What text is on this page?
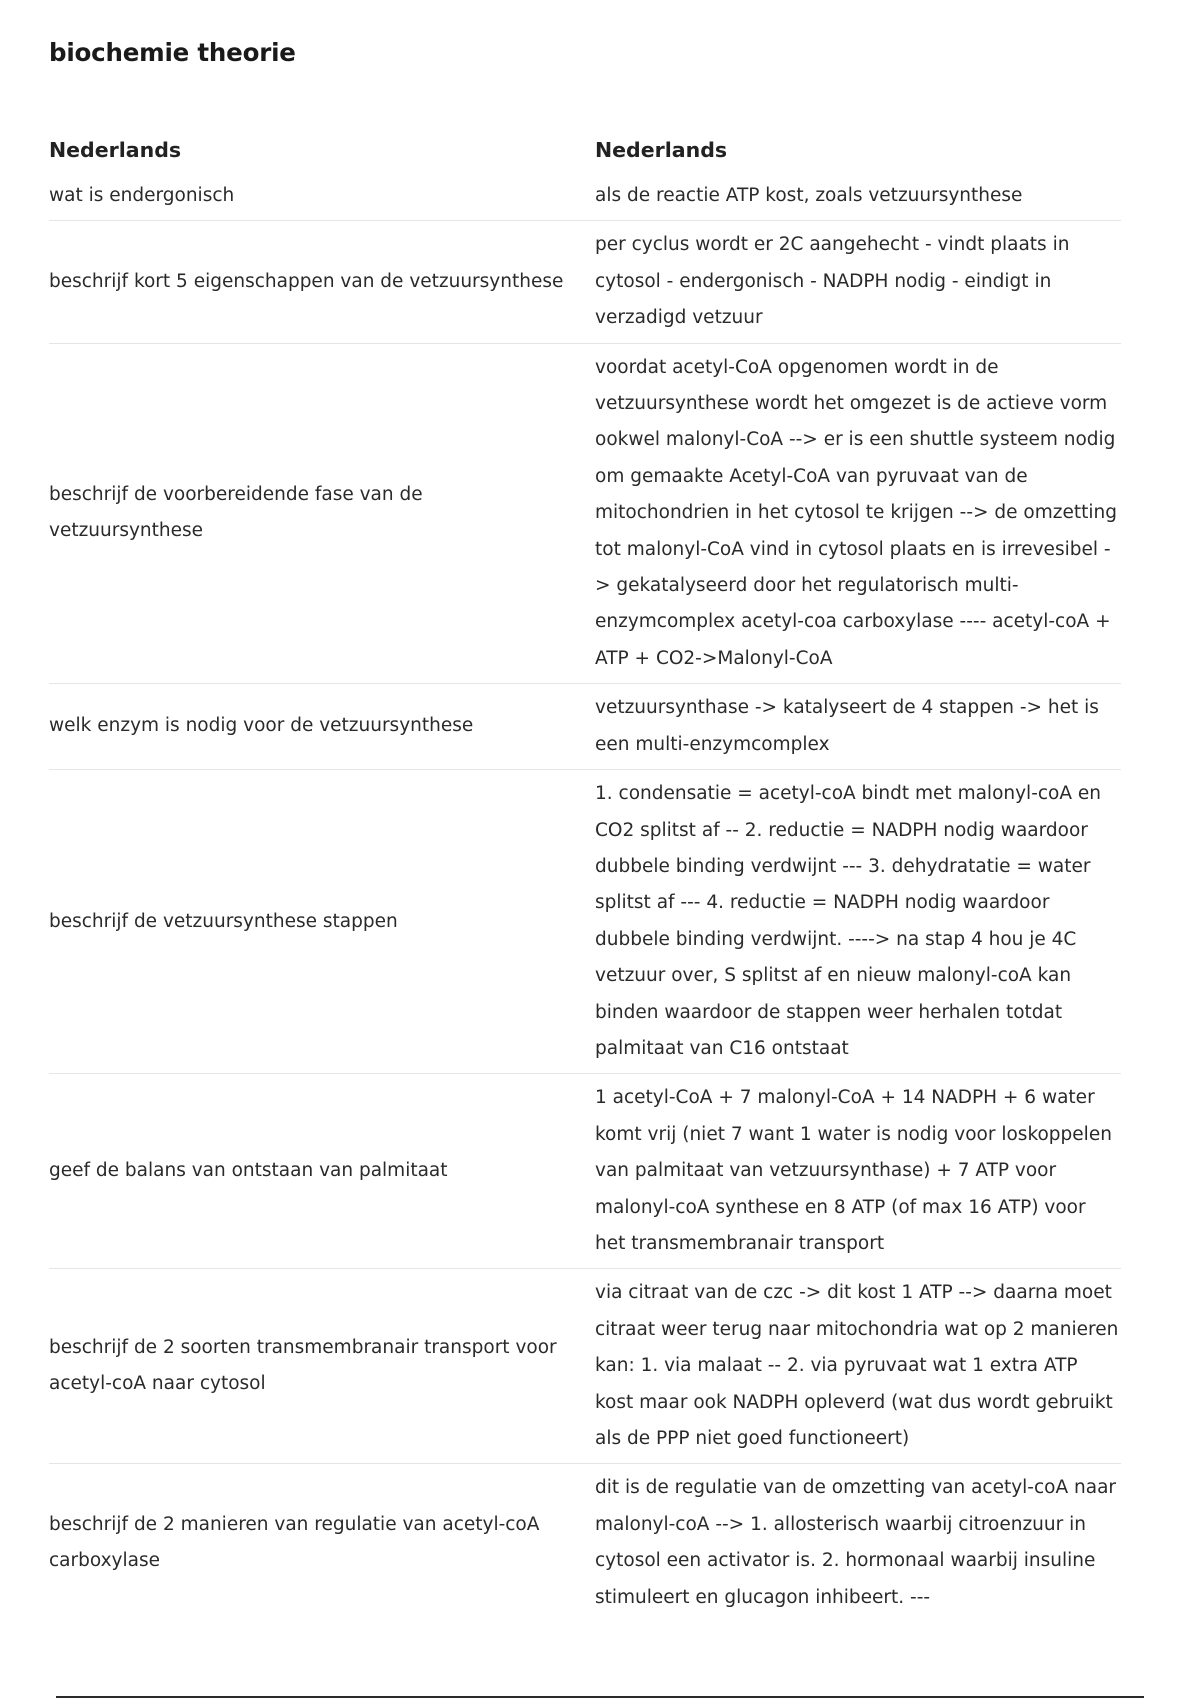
biochemie theorie
Nederlands	Nederlands
wat is endergonisch	als de reactie ATP kost, zoals vetzuursynthese
beschrijf kort 5 eigenschappen van de vetzuursynthese	per cyclus wordt er 2C aangehecht - vindt plaats in cytosol - endergonisch - NADPH nodig - eindigt in verzadigd vetzuur
beschrijf de voorbereidende fase van de vetzuursynthese	voordat acetyl-CoA opgenomen wordt in de vetzuursynthese wordt het omgezet is de actieve vorm ookwel malonyl-CoA --> er is een shuttle systeem nodig om gemaakte Acetyl-CoA van pyruvaat van de mitochondrien in het cytosol te krijgen --> de omzetting tot malonyl-CoA vind in cytosol plaats en is irrevesibel -> gekatalyseerd door het regulatorisch multi-enzymcomplex acetyl-coa carboxylase ---- acetyl-coA + ATP + CO2->Malonyl-CoA
welk enzym is nodig voor de vetzuursynthese	vetzuursynthase -> katalyseert de 4 stappen -> het is een multi-enzymcomplex
beschrijf de vetzuursynthese stappen	1. condensatie = acetyl-coA bindt met malonyl-coA en CO2 splitst af -- 2. reductie = NADPH nodig waardoor dubbele binding verdwijnt --- 3. dehydratatie = water splitst af --- 4. reductie = NADPH nodig waardoor dubbele binding verdwijnt. ----> na stap 4 hou je 4C vetzuur over, S splitst af en nieuw malonyl-coA kan binden waardoor de stappen weer herhalen totdat palmitaat van C16 ontstaat
geef de balans van ontstaan van palmitaat	1 acetyl-CoA + 7 malonyl-CoA + 14 NADPH + 6 water komt vrij (niet 7 want 1 water is nodig voor loskoppelen van palmitaat van vetzuursynthase) + 7 ATP voor malonyl-coA synthese en 8 ATP (of max 16 ATP) voor het transmembranair transport
beschrijf de 2 soorten transmembranair transport voor acetyl-coA naar cytosol	via citraat van de czc -> dit kost 1 ATP --> daarna moet citraat weer terug naar mitochondria wat op 2 manieren kan: 1. via malaat -- 2. via pyruvaat wat 1 extra ATP kost maar ook NADPH opleverd (wat dus wordt gebruikt als de PPP niet goed functioneert)
beschrijf de 2 manieren van regulatie van acetyl-coA carboxylase	dit is de regulatie van de omzetting van acetyl-coA naar malonyl-coA --> 1. allosterisch waarbij citroenzuur in cytosol een activator is. 2. hormonaal waarbij insuline stimuleert en glucagon inhibeert. ---
